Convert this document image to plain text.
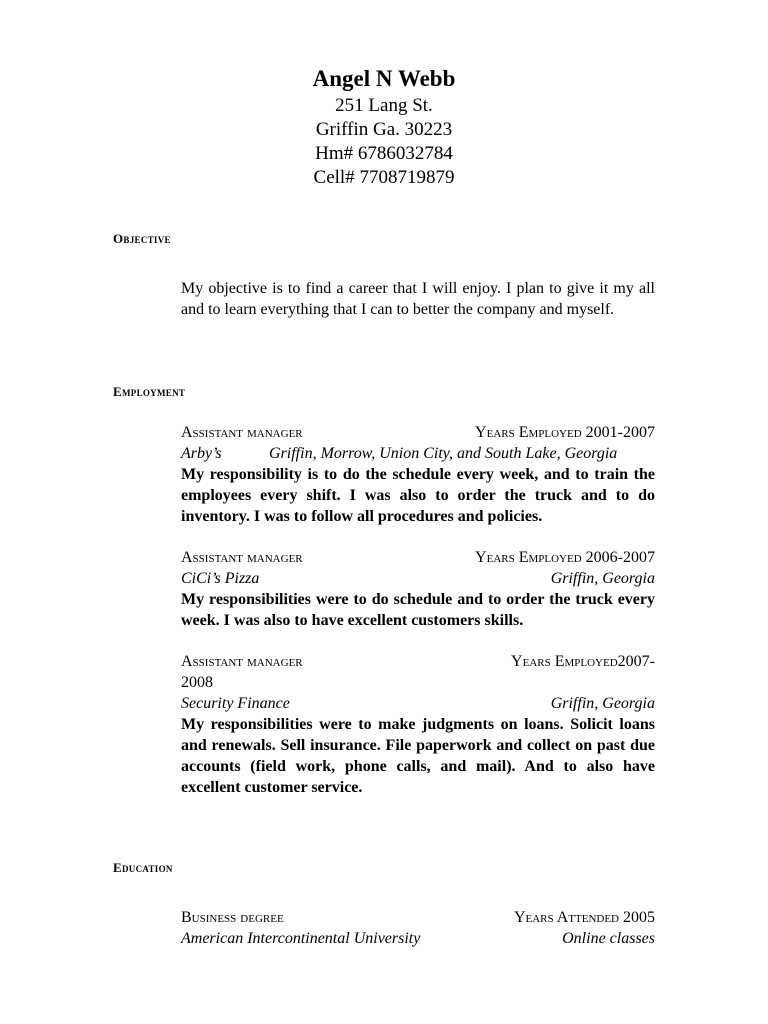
Angel N Webb
251 Lang St.
Griffin Ga. 30223
Hm# 6786032784
Cell# 7708719879
Objective
My objective is to find a career that I will enjoy. I plan to give it my all and to learn everything that I can to better the company and myself.
Employment
Assistant manager	Years Employed 2001-2007
Arby’s	Griffin, Morrow, Union City, and South Lake, Georgia
My responsibility is to do the schedule every week, and to train the employees every shift. I was also to order the truck and to do inventory. I was to follow all procedures and policies.
Assistant manager	Years Employed 2006-2007
CiCi’s Pizza	Griffin, Georgia
My responsibilities were to do schedule and to order the truck every week. I was also to have excellent customers skills.
Assistant manager	Years Employed2007-
2008
Security Finance	Griffin, Georgia
My responsibilities were to make judgments on loans. Solicit loans and renewals. Sell insurance. File paperwork and collect on past due accounts (field work, phone calls, and mail). And to also have excellent customer service.
Education
Business degree	Years Attended 2005
American Intercontinental University	Online classes
